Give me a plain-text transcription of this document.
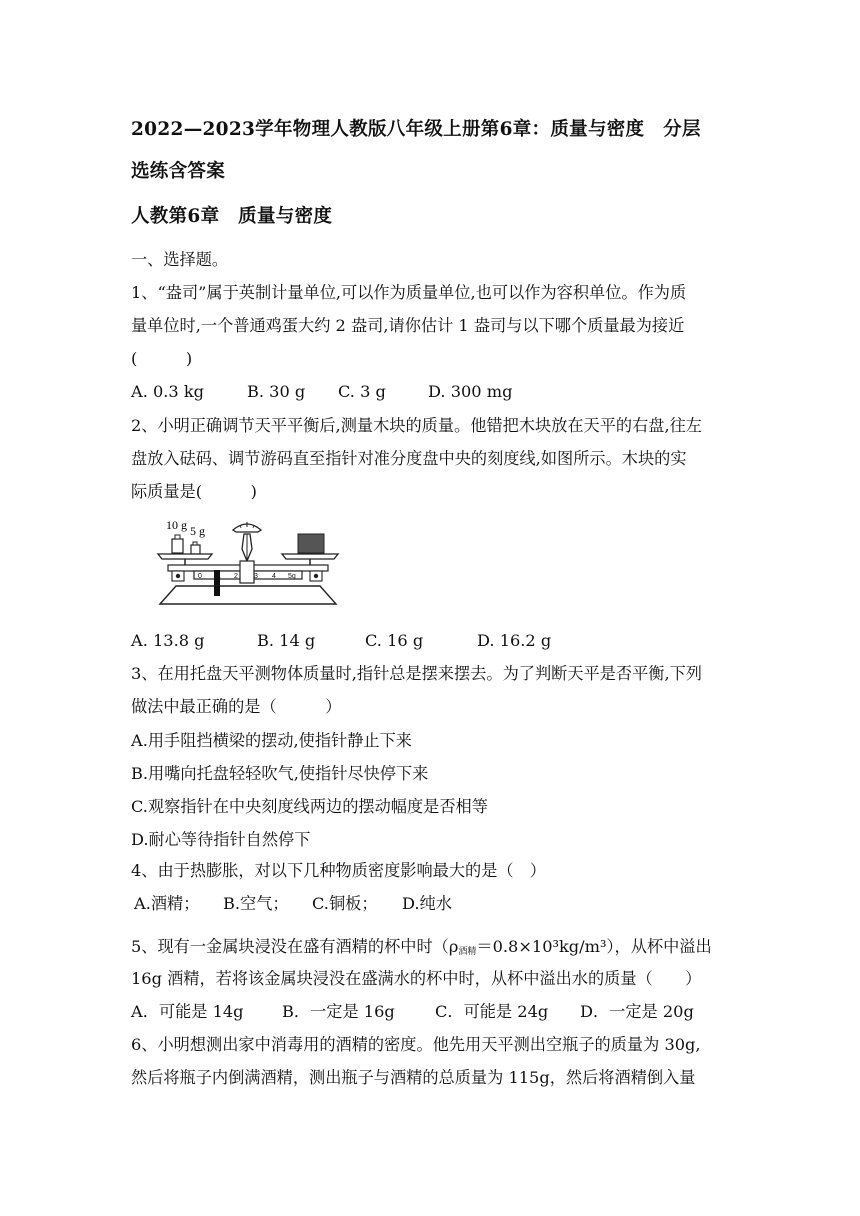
2022—2023学年物理人教版八年级上册第6章：质量与密度　分层
选练含答案
人教第6章　质量与密度
一、选择题。
1、“盎司”属于英制计量单位,可以作为质量单位,也可以作为容积单位。作为质
量单位时,一个普通鸡蛋大约 2 盎司,请你估计 1 盎司与以下哪个质量最为接近
(　　　)
A. 0.3 kg	B. 30 g C. 3 g	D. 300 mg
2、小明正确调节天平平衡后,测量木块的质量。他错把木块放在天平的右盘,往左
盘放入砝码、调节游码直至指针对准分度盘中央的刻度线,如图所示。木块的实
际质量是(　　　)
10 g 5 g
0	2 3 4 5g
A. 13.8 g	B. 14 g	C. 16 g	D. 16.2 g
3、在用托盘天平测物体质量时,指针总是摆来摆去。为了判断天平是否平衡,下列
做法中最正确的是（　　　）
A.用手阻挡横梁的摆动,使指针静止下来
B.用嘴向托盘轻轻吹气,使指针尽快停下来
C.观察指针在中央刻度线两边的摆动幅度是否相等
D.耐心等待指针自然停下
4、由于热膨胀，对以下几种物质密度影响最大的是（　）
A.酒精； B.空气； C.铜板； D.纯水
5、现有一金属块浸没在盛有酒精的杯中时$(\rho_{酒精}=0.8\times 10^3kg/m^3)$，从杯中溢出
16g 酒精，若将该金属块浸没在盛满水的杯中时，从杯中溢出水的质量（　　）
A．可能是 14g B．一定是 16g C．可能是 24g D．一定是 20g
6、小明想测出家中消毒用的酒精的密度。他先用天平测出空瓶子的质量为 30g,
然后将瓶子内倒满酒精，测出瓶子与酒精的总质量为 115g，然后将酒精倒入量
